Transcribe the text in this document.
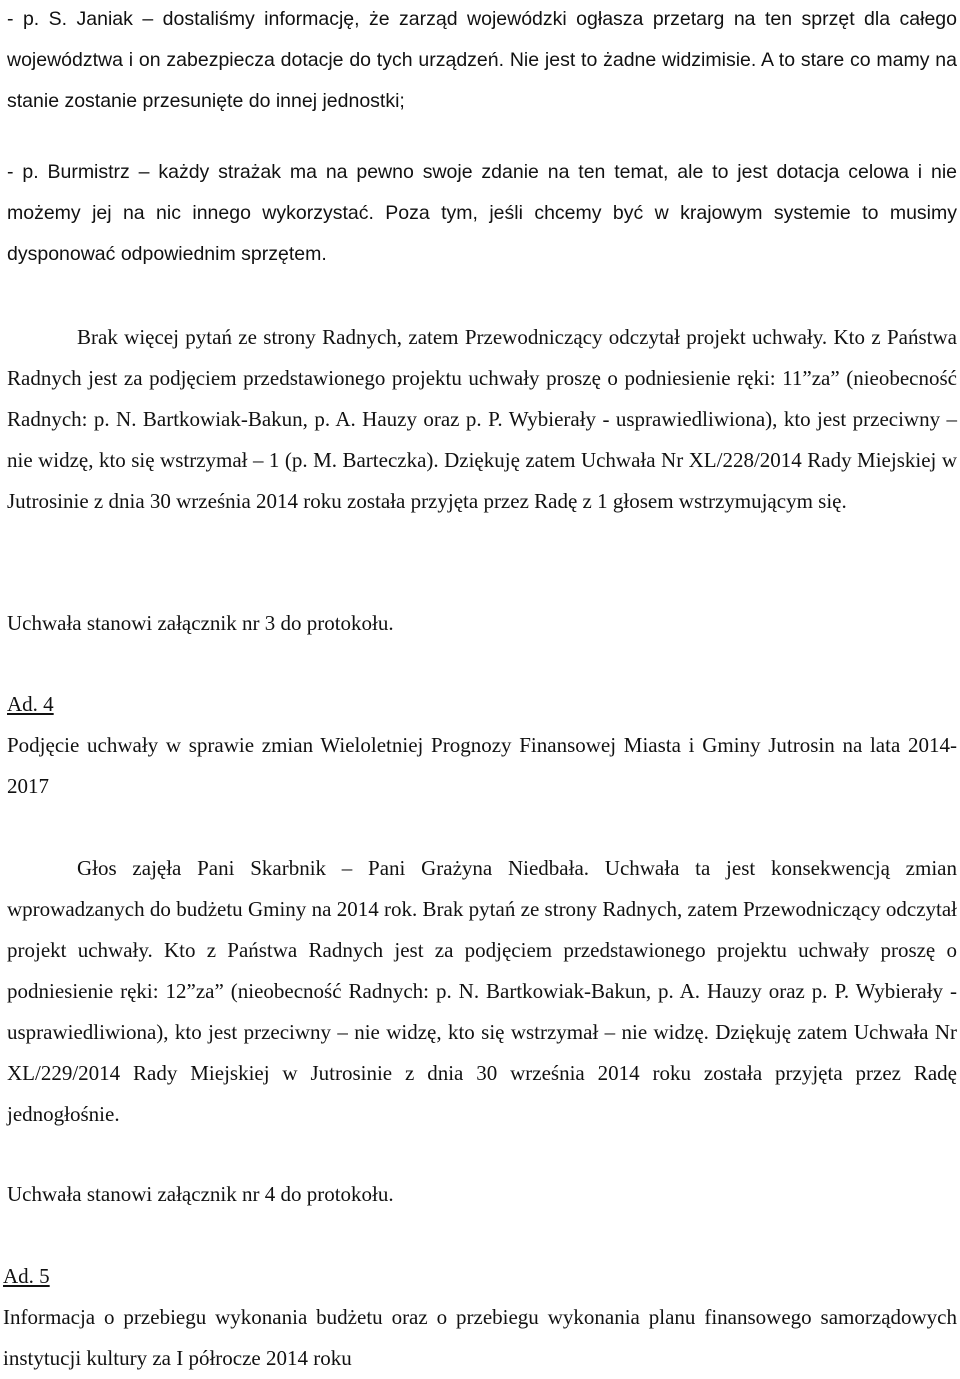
- p. S. Janiak – dostaliśmy informację, że zarząd wojewódzki ogłasza przetarg na ten sprzęt dla całego województwa i on zabezpiecza dotacje do tych urządzeń. Nie jest to żadne widzimisie. A to stare co mamy na stanie zostanie przesunięte do innej jednostki;

- p. Burmistrz – każdy strażak ma na pewno swoje zdanie na ten temat, ale to jest dotacja celowa i nie możemy jej na nic innego wykorzystać. Poza tym, jeśli chcemy być w krajowym systemie to musimy dysponować odpowiednim sprzętem.

Brak więcej pytań ze strony Radnych, zatem Przewodniczący odczytał projekt uchwały. Kto z Państwa Radnych jest za podjęciem przedstawionego projektu uchwały proszę o podniesienie ręki: 11”za” (nieobecność Radnych: p. N. Bartkowiak-Bakun, p. A. Hauzy oraz p. P. Wybierały - usprawiedliwiona), kto jest przeciwny – nie widzę, kto się wstrzymał – 1 (p. M. Barteczka). Dziękuję zatem Uchwała Nr XL/228/2014 Rady Miejskiej w Jutrosinie z dnia 30 września 2014 roku została przyjęta przez Radę z 1 głosem wstrzymującym się.

Uchwała stanowi załącznik nr 3 do protokołu.

Ad. 4

Podjęcie uchwały w sprawie zmian Wieloletniej Prognozy Finansowej Miasta i Gminy Jutrosin na lata 2014-2017

Głos zajęła Pani Skarbnik – Pani Grażyna Niedbała. Uchwała ta jest konsekwencją zmian wprowadzanych do budżetu Gminy na 2014 rok. Brak pytań ze strony Radnych, zatem Przewodniczący odczytał projekt uchwały. Kto z Państwa Radnych jest za podjęciem przedstawionego projektu uchwały proszę o podniesienie ręki: 12”za” (nieobecność Radnych: p. N. Bartkowiak-Bakun, p. A. Hauzy oraz p. P. Wybierały - usprawiedliwiona), kto jest przeciwny – nie widzę, kto się wstrzymał – nie widzę. Dziękuję zatem Uchwała Nr XL/229/2014 Rady Miejskiej w Jutrosinie z dnia 30 września 2014 roku została przyjęta przez Radę jednogłośnie.

Uchwała stanowi załącznik nr 4 do protokołu.

Ad. 5

Informacja o przebiegu wykonania budżetu oraz o przebiegu wykonania planu finansowego samorządowych instytucji kultury za I półrocze 2014 roku
